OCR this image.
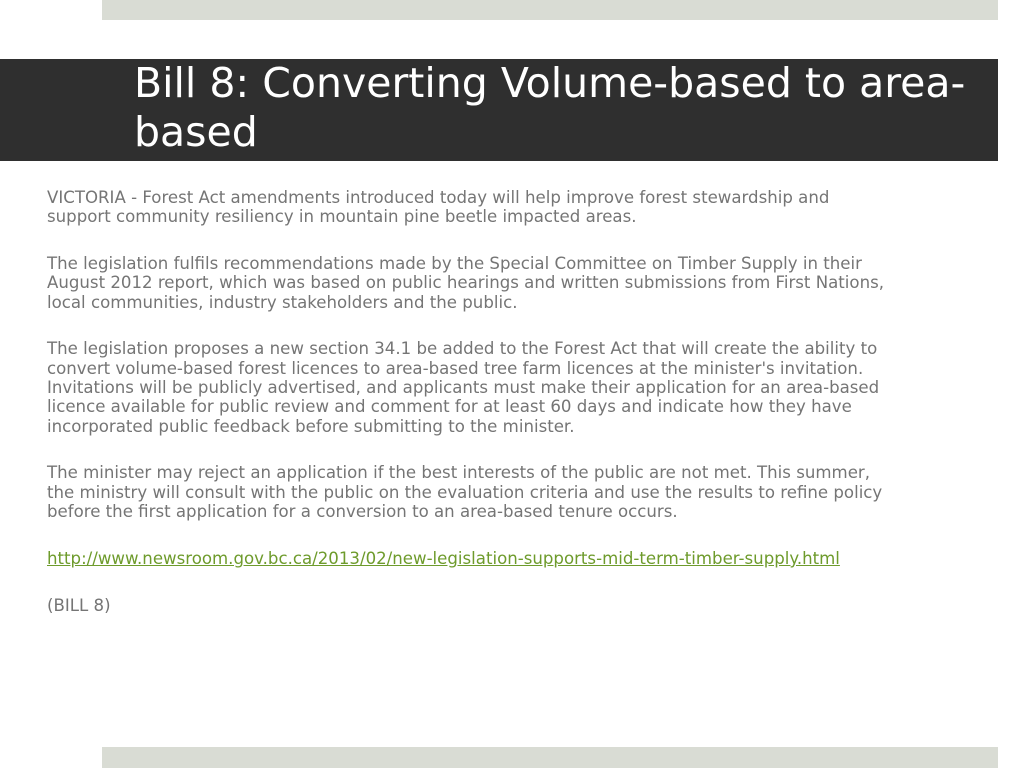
Bill 8: Converting Volume-based to area-based

VICTORIA - Forest Act amendments introduced today will help improve forest stewardship and support community resiliency in mountain pine beetle impacted areas.

The legislation fulfils recommendations made by the Special Committee on Timber Supply in their August 2012 report, which was based on public hearings and written submissions from First Nations, local communities, industry stakeholders and the public.

The legislation proposes a new section 34.1 be added to the Forest Act that will create the ability to convert volume-based forest licences to area-based tree farm licences at the minister's invitation. Invitations will be publicly advertised, and applicants must make their application for an area-based licence available for public review and comment for at least 60 days and indicate how they have incorporated public feedback before submitting to the minister.

The minister may reject an application if the best interests of the public are not met. This summer, the ministry will consult with the public on the evaluation criteria and use the results to refine policy before the first application for a conversion to an area-based tenure occurs.

http://www.newsroom.gov.bc.ca/2013/02/new-legislation-supports-mid-term-timber-supply.html

(BILL 8)
